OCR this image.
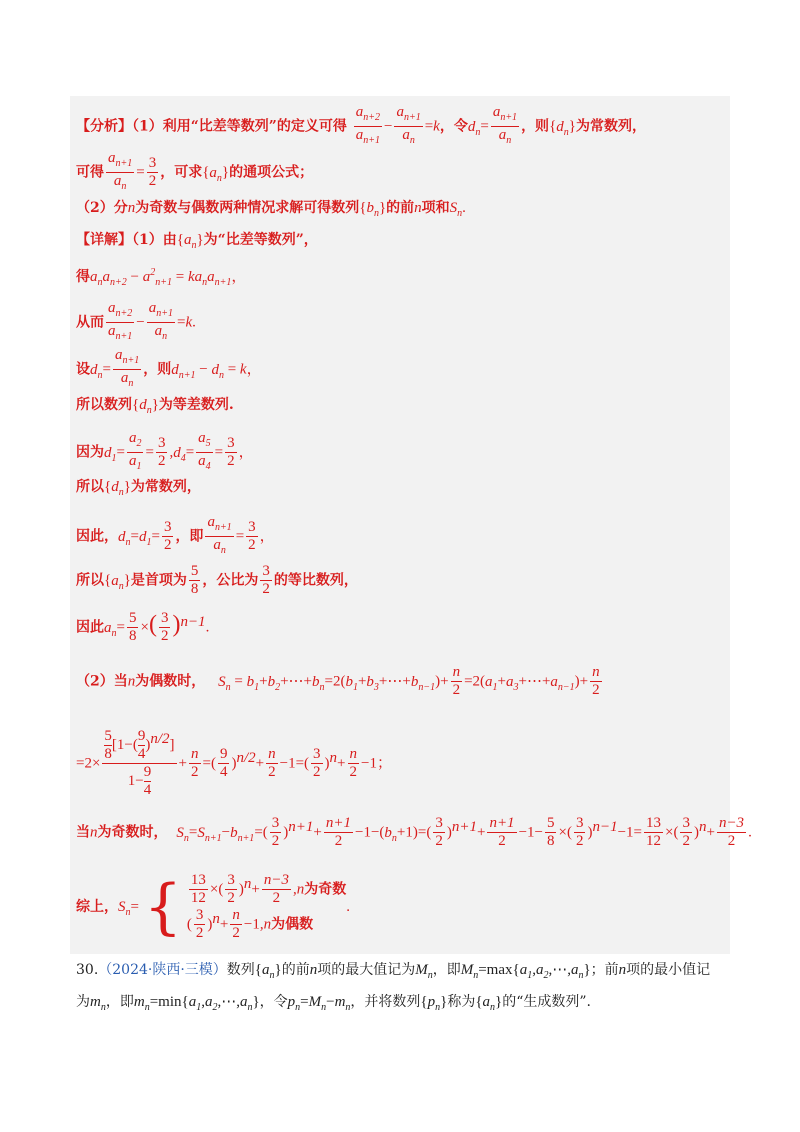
【分析】（1）利用“比差等数列”的定义可得 $\frac{a_{n+2}}{a_{n+1}} - \frac{a_{n+1}}{a_n} =k$，令$d_n= \frac{a_{n+1}}{a_n}$ ，则$\{d_n\}$为常数列，
可得 $\frac{a_{n+1}}{a_n} = \frac{3}{2}$ ，可求$\{a_n\}$的通项公式；
（2）分n为奇数与偶数两种情况求解可得数列$\{b_n\}$的前n项和$S_n$.
【详解】（1）由$\{a_n\}$为“比差等数列”，
得$a_na_{n+2} - a^2_{n+1} = ka_na_{n+1}$，
从而 $\frac{a_{n+2}}{a_{n+1}} - \frac{a_{n+1}}{a_n} =k$.
设$d_n= \frac{a_{n+1}}{a_n}$ ，则$d_{n+1} - d_n = k$，
所以数列$\{d_n\}$为等差数列.
因为$d_1= \frac{a_2}{a_1} = \frac{3}{2} ,d_4= \frac{a_5}{a_4} = \frac{3}{2}$ ，
所以$\{d_n\}$为常数列，
因此，$d_n=d_1= \frac{3}{2}$ ，即 $\frac{a_{n+1}}{a_n} = \frac{3}{2}$ ，
所以$\{a_n\}$是首项为 $\frac{5}{8}$ ，公比为 $\frac{3}{2}$ 的等比数列，
因此$a_n= \frac{5}{8}$ ×( $\frac{3}{2} )^{n-1}$.
（2）当n为偶数时， $S_n$ = $b_1+b_2+\cdots+b_n=2(b_1+b_3+\cdots+b_{n-1})+ \frac{n}{2}$ $=2(a_1+a_3+\cdots+a_{n-1})+ \frac{n}{2}$
$=2\times \frac{\frac{5}{8} [1-( \frac{9}{4} )^{n/2}]}{1- \frac{9}{4}} + \frac{n}{2}$ =( $\frac{9}{4} )^{n/2}+ \frac{n}{2} -1=( \frac{3}{2} )^n+ \frac{n}{2} -1$；
当n为奇数时， $S_n=S_{n+1}-b_{n+1}=( \frac{3}{2} )^{n+1}+ \frac{n+1}{2} -1-(b_n+1)=( \frac{3}{2} )^{n+1}+ \frac{n+1}{2} -1- \frac{5}{8}$ ×( $\frac{3}{2} )^{n-1}-1= \frac{13}{12}$ ×( $\frac{3}{2} )^n+ \frac{n-3}{2}$ .
综上，$S_n=$ { $\frac{13}{12}$ ×( $\frac{3}{2} )^n+ \frac{n-3}{2} ,n$为奇数
( $\frac{3}{2} )^n+ \frac{n}{2} -1,n$为偶数
.
30.（2024·陕西·三模）数列$\{a_n\}$的前n项的最大值记为$M_n$，即$M_n=\max\{a_1,a_2,\cdots,a_n\}$；前n项的最小值记
为$m_n$，即$m_n=\min\{a_1,a_2,\cdots,a_n\}$，令$p_n=M_n-m_n$，并将数列$\{p_n\}$称为$\{a_n\}$的“生成数列”.
